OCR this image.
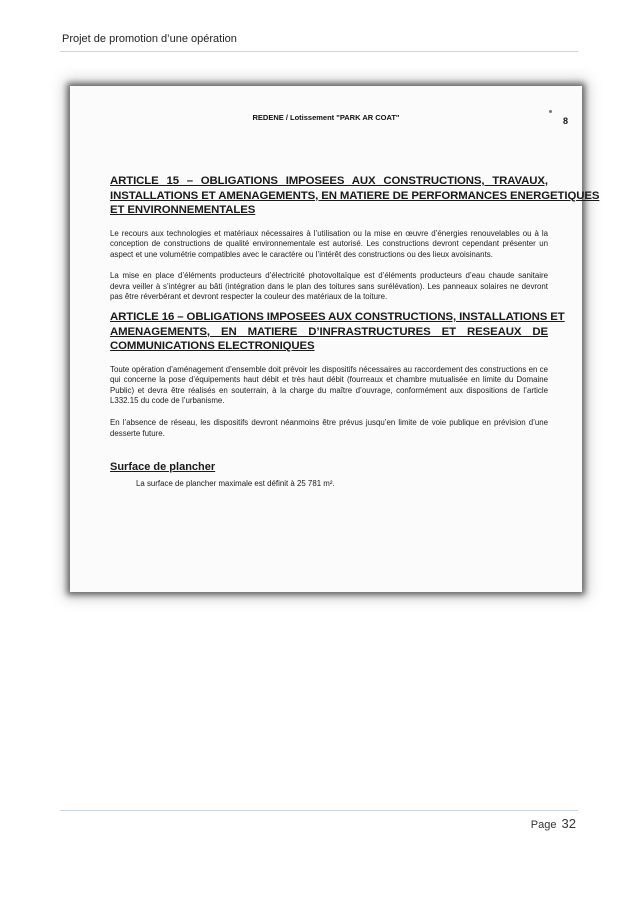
Projet de promotion d’une opération
REDENE / Lotissement "PARK AR COAT"	8
ARTICLE 15 – OBLIGATIONS IMPOSEES AUX CONSTRUCTIONS, TRAVAUX,
INSTALLATIONS ET AMENAGEMENTS, EN MATIERE DE PERFORMANCES ENERGETIQUES
ET ENVIRONNEMENTALES

Le recours aux technologies et matériaux nécessaires à l’utilisation ou la mise en œuvre d’énergies renouvelables ou à la conception de constructions de qualité environnementale est autorisé. Les constructions devront cependant présenter un aspect et une volumétrie compatibles avec le caractère ou l’intérêt des constructions ou des lieux avoisinants.

La mise en place d’éléments producteurs d’électricité photovoltaïque est d’éléments producteurs d’eau chaude sanitaire devra veiller à s’intégrer au bâti (intégration dans le plan des toitures sans surélévation). Les panneaux solaires ne devront pas être réverbérant et devront respecter la couleur des matériaux de la toiture.

ARTICLE 16 – OBLIGATIONS IMPOSEES AUX CONSTRUCTIONS, INSTALLATIONS ET
AMENAGEMENTS, EN MATIERE D’INFRASTRUCTURES ET RESEAUX DE
COMMUNICATIONS ELECTRONIQUES

Toute opération d’aménagement d’ensemble doit prévoir les dispositifs nécessaires au raccordement des constructions en ce qui concerne la pose d’équipements haut débit et très haut débit (fourreaux et chambre mutualisée en limite du Domaine Public) et devra être réalisés en souterrain, à la charge du maître d’ouvrage, conformément aux dispositions de l’article L332.15 du code de l’urbanisme.

En l’absence de réseau, les dispositifs devront néanmoins être prévus jusqu’en limite de voie publique en prévision d’une desserte future.

Surface de plancher

La surface de plancher maximale est définit à 25 781 m².

Page 32
